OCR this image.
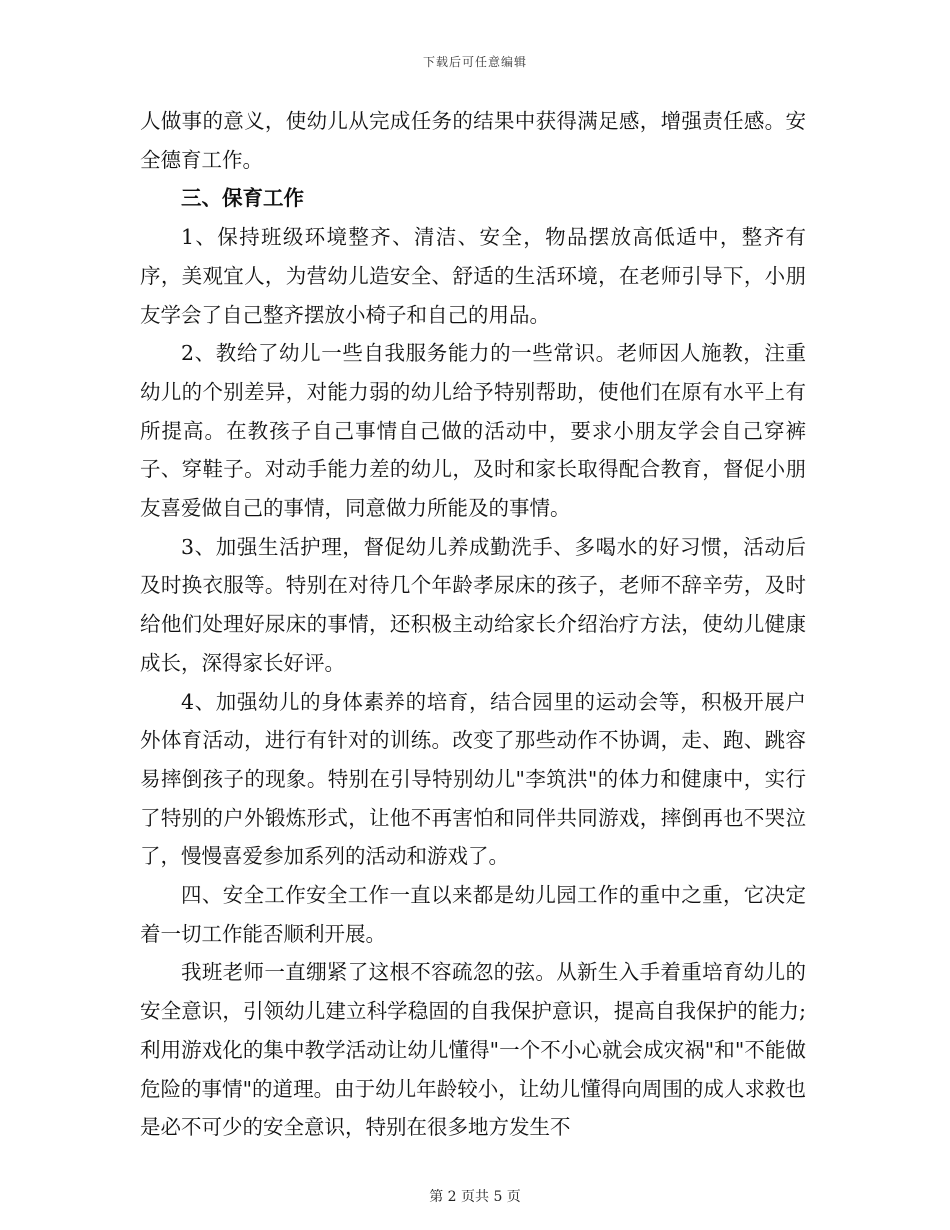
下载后可任意编辑

人做事的意义，使幼儿从完成任务的结果中获得满足感，增强责任感。安全德育工作。

三、保育工作

1、保持班级环境整齐、清洁、安全，物品摆放高低适中，整齐有序，美观宜人，为营幼儿造安全、舒适的生活环境，在老师引导下，小朋友学会了自己整齐摆放小椅子和自己的用品。

2、教给了幼儿一些自我服务能力的一些常识。老师因人施教，注重幼儿的个别差异，对能力弱的幼儿给予特别帮助，使他们在原有水平上有所提高。在教孩子自己事情自己做的活动中，要求小朋友学会自己穿裤子、穿鞋子。对动手能力差的幼儿，及时和家长取得配合教育，督促小朋友喜爱做自己的事情，同意做力所能及的事情。

3、加强生活护理，督促幼儿养成勤洗手、多喝水的好习惯，活动后及时换衣服等。特别在对待几个年龄孝尿床的孩子，老师不辞辛劳，及时给他们处理好尿床的事情，还积极主动给家长介绍治疗方法，使幼儿健康成长，深得家长好评。

4、加强幼儿的身体素养的培育，结合园里的运动会等，积极开展户外体育活动，进行有针对的训练。改变了那些动作不协调，走、跑、跳容易摔倒孩子的现象。特别在引导特别幼儿"李筑洪"的体力和健康中，实行了特别的户外锻炼形式，让他不再害怕和同伴共同游戏，摔倒再也不哭泣了，慢慢喜爱参加系列的活动和游戏了。

四、安全工作安全工作一直以来都是幼儿园工作的重中之重，它决定着一切工作能否顺利开展。

我班老师一直绷紧了这根不容疏忽的弦。从新生入手着重培育幼儿的安全意识，引领幼儿建立科学稳固的自我保护意识，提高自我保护的能力;利用游戏化的集中教学活动让幼儿懂得"一个不小心就会成灾祸"和"不能做危险的事情"的道理。由于幼儿年龄较小，让幼儿懂得向周围的成人求救也是必不可少的安全意识，特别在很多地方发生不

第 2 页共 5 页
